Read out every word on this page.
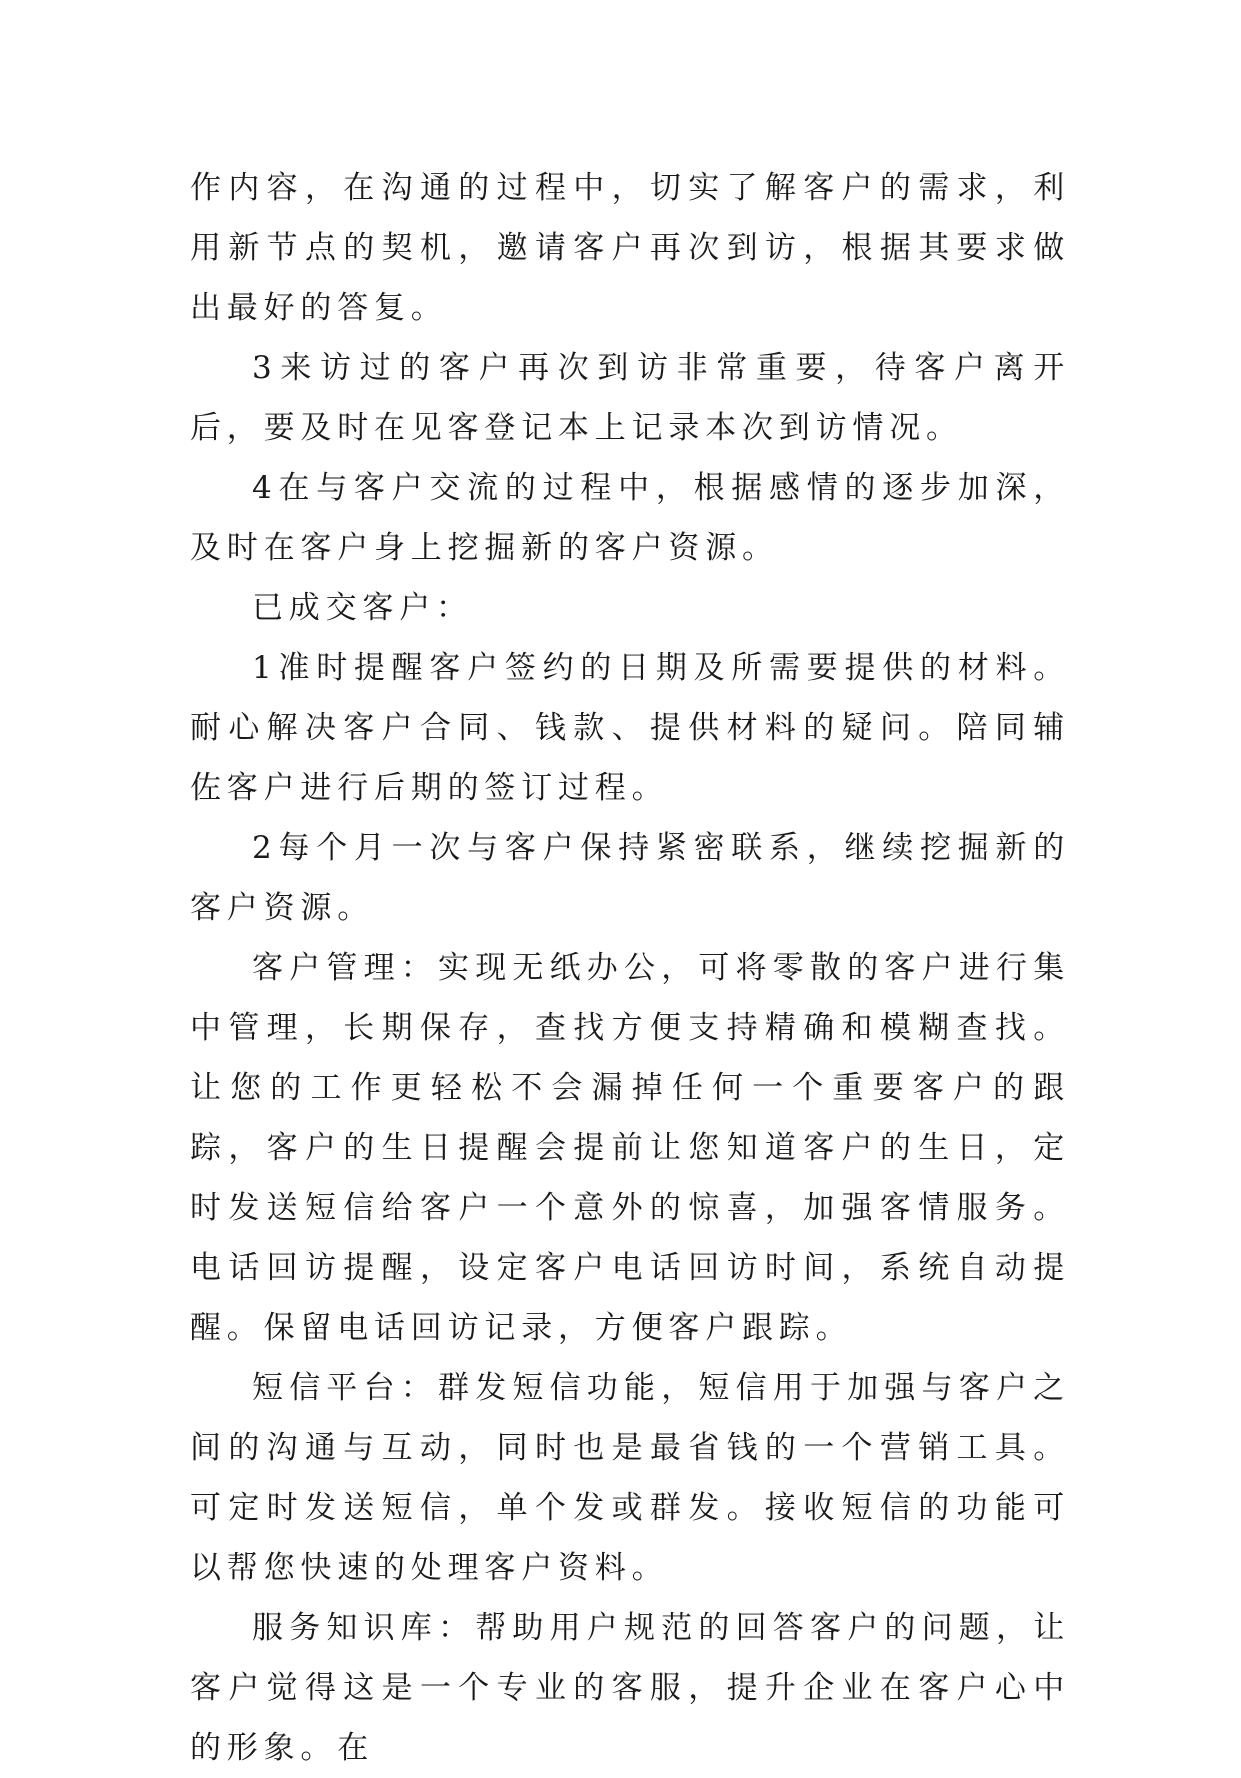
作内容，在沟通的过程中，切实了解客户的需求，利用新节点的契机，邀请客户再次到访，根据其要求做出最好的答复。

3来访过的客户再次到访非常重要，待客户离开后，要及时在见客登记本上记录本次到访情况。

4在与客户交流的过程中，根据感情的逐步加深，及时在客户身上挖掘新的客户资源。

已成交客户：

1准时提醒客户签约的日期及所需要提供的材料。耐心解决客户合同、钱款、提供材料的疑问。陪同辅佐客户进行后期的签订过程。

2每个月一次与客户保持紧密联系，继续挖掘新的客户资源。

客户管理：实现无纸办公，可将零散的客户进行集中管理，长期保存，查找方便支持精确和模糊查找。让您的工作更轻松不会漏掉任何一个重要客户的跟踪，客户的生日提醒会提前让您知道客户的生日，定时发送短信给客户一个意外的惊喜，加强客情服务。电话回访提醒，设定客户电话回访时间，系统自动提醒。保留电话回访记录，方便客户跟踪。

短信平台：群发短信功能，短信用于加强与客户之间的沟通与互动，同时也是最省钱的一个营销工具。可定时发送短信，单个发或群发。接收短信的功能可以帮您快速的处理客户资料。

服务知识库：帮助用户规范的回答客户的问题，让客户觉得这是一个专业的客服，提升企业在客户心中的形象。在
